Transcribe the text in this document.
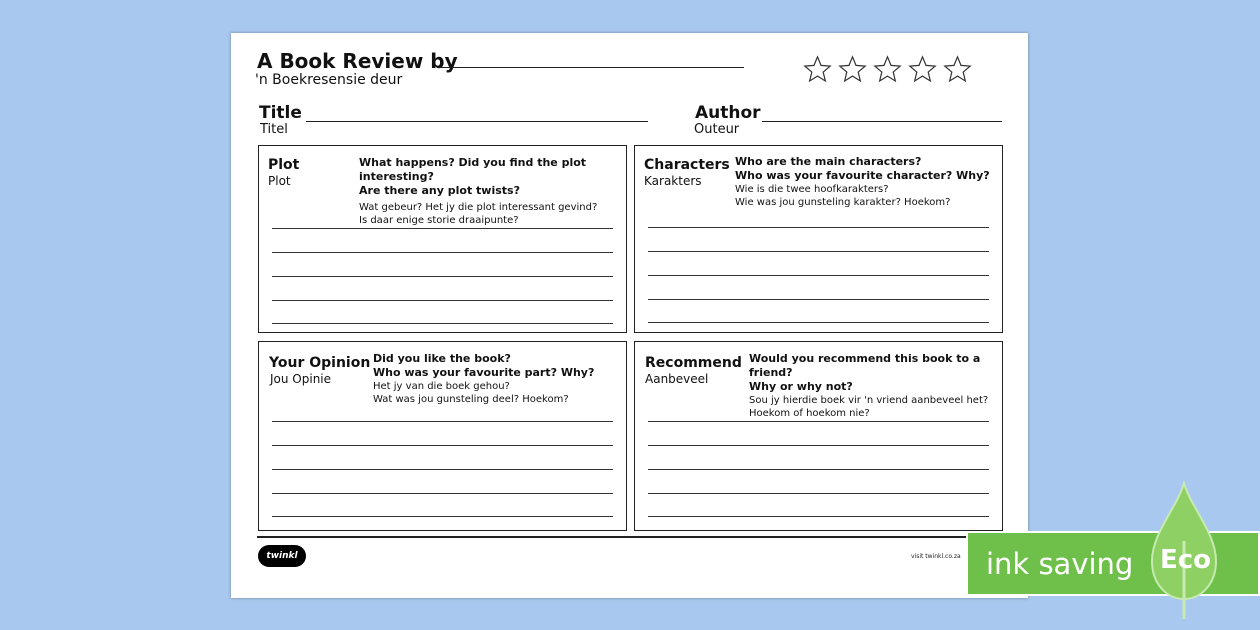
A Book Review by
'n Boekresensie deur
Title
Titel
Author
Outeur
Plot
Plot
What happens? Did you find the plot interesting?
Are there any plot twists?
Wat gebeur? Het jy die plot interessant gevind?
Is daar enige storie draaipunte?
Characters
Karakters
Who are the main characters?
Who was your favourite character? Why?
Wie is die twee hoofkarakters?
Wie was jou gunsteling karakter? Hoekom?
Your Opinion
Jou Opinie
Did you like the book?
Who was your favourite part? Why?
Het jy van die boek gehou?
Wat was jou gunsteling deel? Hoekom?
Recommend
Aanbeveel
Would you recommend this book to a friend?
Why or why not?
Sou jy hierdie boek vir 'n vriend aanbeveel het?
Hoekom of hoekom nie?
twinkl	visit twinkl.co.za ink saving Eco
